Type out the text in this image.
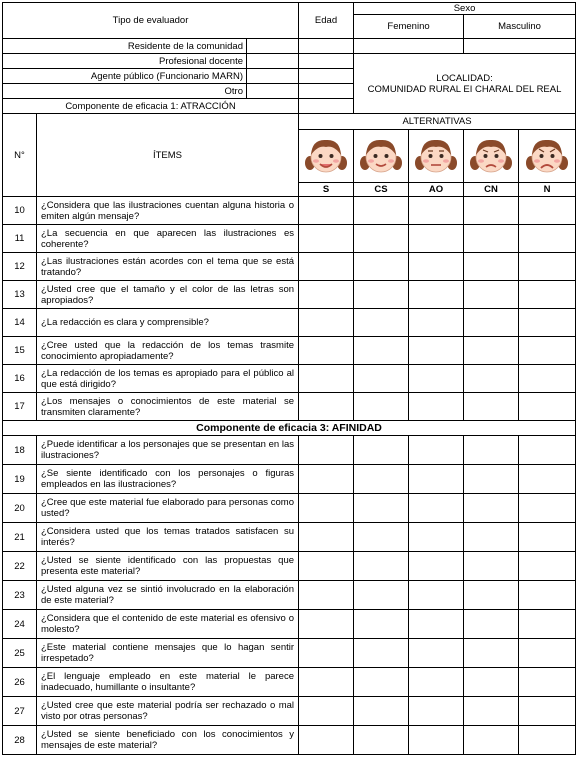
Tipo de evaluador			Edad	Sexo			
				Femenino		Masculino	
Residente de la comunidad							
Profesional docente				LOCALIDAD:
COMUNIDAD RURAL EI CHARAL DEL REAL			

Agente público (Funcionario MARN)							
Otro							
Componente de eficacia 1: ATRACCIÓN							
N°	ÍTEMS		ALTERNATIVAS				

			S	CS	AO	CN	N
10	¿Considera que las ilustraciones cuentan alguna historia o emiten algún mensaje?						
11	¿La secuencia en que aparecen las ilustraciones es coherente?						
12	¿Las ilustraciones están acordes con el tema que se está tratando?						
13	¿Usted cree que el tamaño y el color de las letras son apropiados?						
14	¿La redacción es clara y comprensible?						
15	¿Cree usted que la redacción de los temas trasmite conocimiento apropiadamente?						
16	¿La redacción de los temas es apropiado para el público al que está dirigido?						
17	¿Los mensajes o conocimientos de este material se transmiten claramente?						
Componente de eficacia 3: AFINIDAD							
18	¿Puede identificar a los personajes que se presentan en las ilustraciones?						
19	¿Se siente identificado con los personajes o figuras empleados en las ilustraciones?						
20	¿Cree que este material fue elaborado para personas como usted?						
21	¿Considera usted que los temas tratados satisfacen su interés?						
22	¿Usted se siente identificado con las propuestas que presenta este material?						
23	¿Usted alguna vez se sintió involucrado en la elaboración de este material?						
24	¿Considera que el contenido de este material es ofensivo o molesto?						
25	¿Este material contiene mensajes que lo hagan sentir irrespetado?						
26	¿El lenguaje empleado en este material le parece inadecuado, humillante o insultante?						
27	¿Usted cree que este material podría ser rechazado o mal visto por otras personas?						
28	¿Usted se siente beneficiado con los conocimientos y mensajes de este material?						
